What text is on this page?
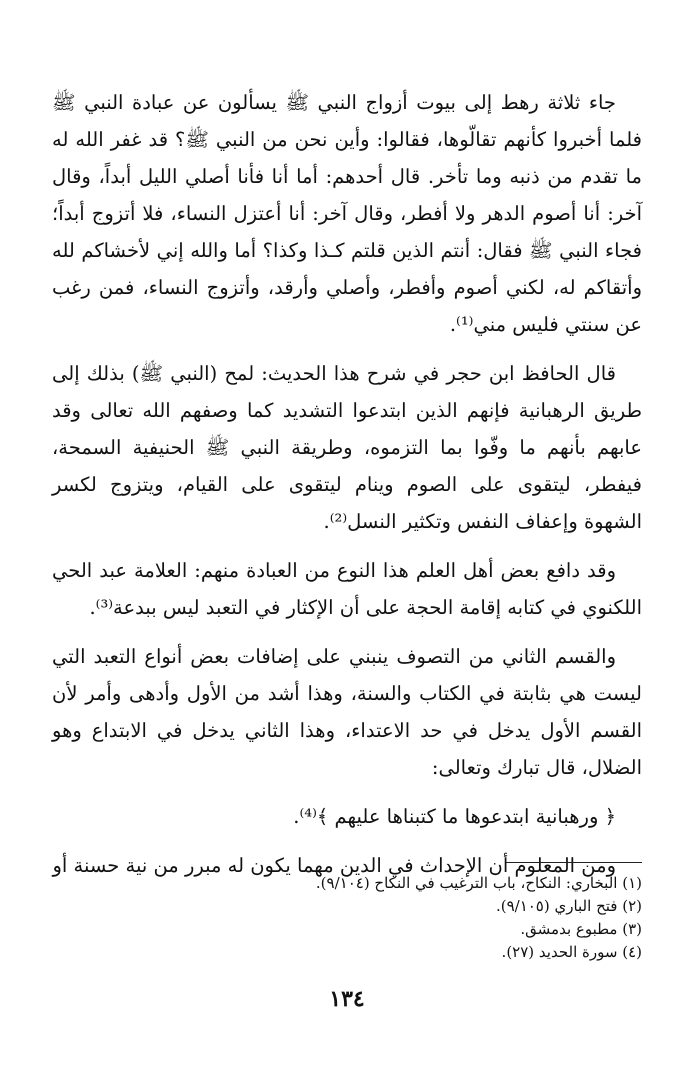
جاء ثلاثة رهط إلى بيوت أزواج النبي ﷺ يسألون عن عبادة النبي ﷺ فلما أخبروا كأنهم تقالّوها، فقالوا: وأين نحن من النبي ﷺ؟ قد غفر الله له ما تقدم من ذنبه وما تأخر. قال أحدهم: أما أنا فأنا أصلي الليل أبداً، وقال آخر: أنا أصوم الدهر ولا أفطر، وقال آخر: أنا أعتزل النساء، فلا أتزوج أبداً؛ فجاء النبي ﷺ فقال: أنتم الذين قلتم كـذا وكذا؟ أما والله إني لأخشاكم لله وأتقاكم له، لكني أصوم وأفطر، وأصلي وأرقد، وأتزوج النساء، فمن رغب عن سنتي فليس مني⁽¹⁾.

قال الحافظ ابن حجر في شرح هذا الحديث: لمح (النبي ﷺ) بذلك إلى طريق الرهبانية فإنهم الذين ابتدعوا التشديد كما وصفهم الله تعالى وقد عابهم بأنهم ما وفّوا بما التزموه، وطريقة النبي ﷺ الحنيفية السمحة، فيفطر، ليتقوى على الصوم وينام ليتقوى على القيام، ويتزوج لكسر الشهوة وإعفاف النفس وتكثير النسل⁽²⁾.

وقد دافع بعض أهل العلم هذا النوع من العبادة منهم: العلامة عبد الحي اللكنوي في كتابه إقامة الحجة على أن الإكثار في التعبد ليس ببدعة⁽³⁾.

والقسم الثاني من التصوف ينبني على إضافات بعض أنواع التعبد التي ليست هي بثابتة في الكتاب والسنة، وهذا أشد من الأول وأدهى وأمر لأن القسم الأول يدخل في حد الاعتداء، وهذا الثاني يدخل في الابتداع وهو الضلال، قال تبارك وتعالى:

﴿ ورهبانية ابتدعوها ما كتبناها عليهم ﴾⁽⁴⁾.

ومن المعلوم أن الإحداث في الدين مهما يكون له مبرر من نية حسنة أو

(١) البخاري: النكاح، باب الترغيب في النكاح (٩/١٠٤).

(٢) فتح الباري (٩/١٠٥).

(٣) مطبوع بدمشق.

(٤) سورة الحديد (٢٧).

١٣٤
